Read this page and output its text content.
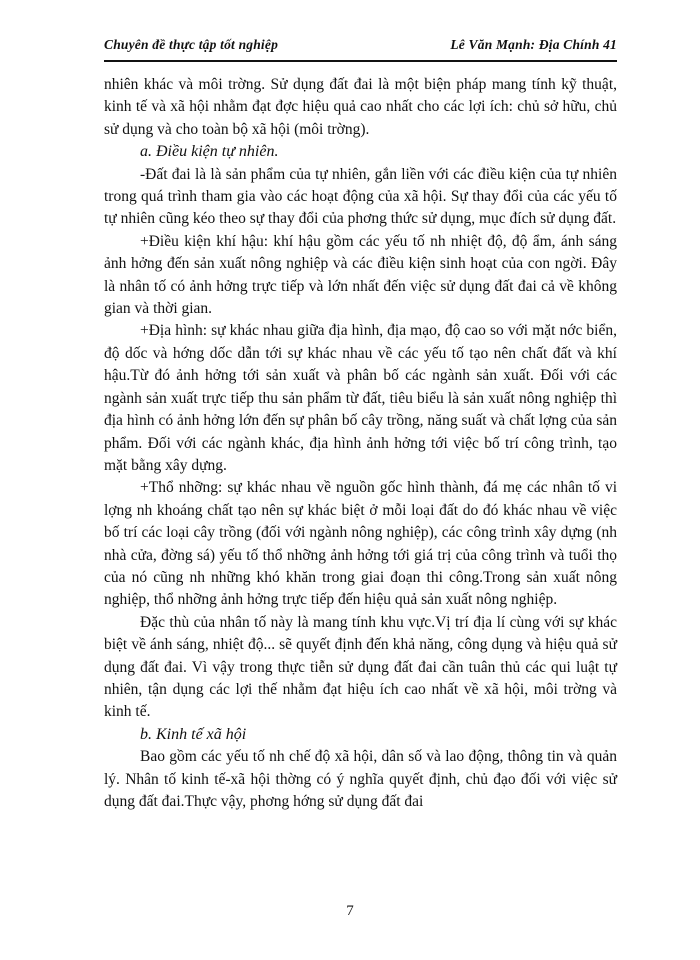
Chuyên đề thực tập tốt nghiệp	Lê Văn Mạnh: Địa Chính 41

nhiên khác và môi trờng. Sử dụng đất đai là một biện pháp mang tính kỹ thuật, kinh tế và xã hội nhằm đạt đợc hiệu quả cao nhất cho các lợi ích: chủ sở hữu, chủ sử dụng và cho toàn bộ xã hội (môi trờng).

a. Điều kiện tự nhiên.

-Đất đai là là sản phẩm của tự nhiên, gắn liền với các điều kiện của tự nhiên trong quá trình tham gia vào các hoạt động của xã hội. Sự thay đổi của các yếu tố tự nhiên cũng kéo theo sự thay đổi của phơng thức sử dụng, mục đích sử dụng đất.

+Điều kiện khí hậu: khí hậu gồm các yếu tố nh nhiệt độ, độ ẩm, ánh sáng ảnh hởng đến sản xuất nông nghiệp và các điều kiện sinh hoạt của con ngời. Đây là nhân tố có ảnh hởng trực tiếp và lớn nhất đến việc sử dụng đất đai cả về không gian và thời gian.

+Địa hình: sự khác nhau giữa địa hình, địa mạo, độ cao so với mặt nớc biển, độ dốc và hớng dốc dẫn tới sự khác nhau về các yếu tố tạo nên chất đất và khí hậu.Từ đó ảnh hởng tới sản xuất và phân bố các ngành sản xuất. Đối với các ngành sản xuất trực tiếp thu sản phẩm từ đất, tiêu biểu là sản xuất nông nghiệp thì địa hình có ảnh hởng lớn đến sự phân bố cây trồng, năng suất và chất lợng của sản phẩm. Đối với các ngành khác, địa hình ảnh hởng tới việc bố trí công trình, tạo mặt bằng xây dựng.

+Thổ nhỡng: sự khác nhau về nguồn gốc hình thành, đá mẹ các nhân tố vi lợng nh khoáng chất tạo nên sự khác biệt ở mỗi loại đất do đó khác nhau về việc bố trí các loại cây trồng (đối với ngành nông nghiệp), các công trình xây dựng (nh nhà cửa, đờng sá) yếu tố thổ nhỡng ảnh hởng tới giá trị của công trình và tuổi thọ của nó cũng nh những khó khăn trong giai đoạn thi công.Trong sản xuất nông nghiệp, thổ nhỡng ảnh hởng trực tiếp đến hiệu quả sản xuất nông nghiệp.

Đặc thù của nhân tố này là mang tính khu vực.Vị trí địa lí cùng với sự khác biệt về ánh sáng, nhiệt độ... sẽ quyết định đến khả năng, công dụng và hiệu quả sử dụng đất đai. Vì vậy trong thực tiễn sử dụng đất đai cần tuân thủ các qui luật tự nhiên, tận dụng các lợi thế nhằm đạt hiệu ích cao nhất về xã hội, môi trờng và kinh tế.

b. Kinh tế xã hội

Bao gồm các yếu tố nh chế độ xã hội, dân số và lao động, thông tin và quản lý. Nhân tố kinh tế-xã hội thờng có ý nghĩa quyết định, chủ đạo đối với việc sử dụng đất đai.Thực vậy, phơng hớng sử dụng đất đai

7
